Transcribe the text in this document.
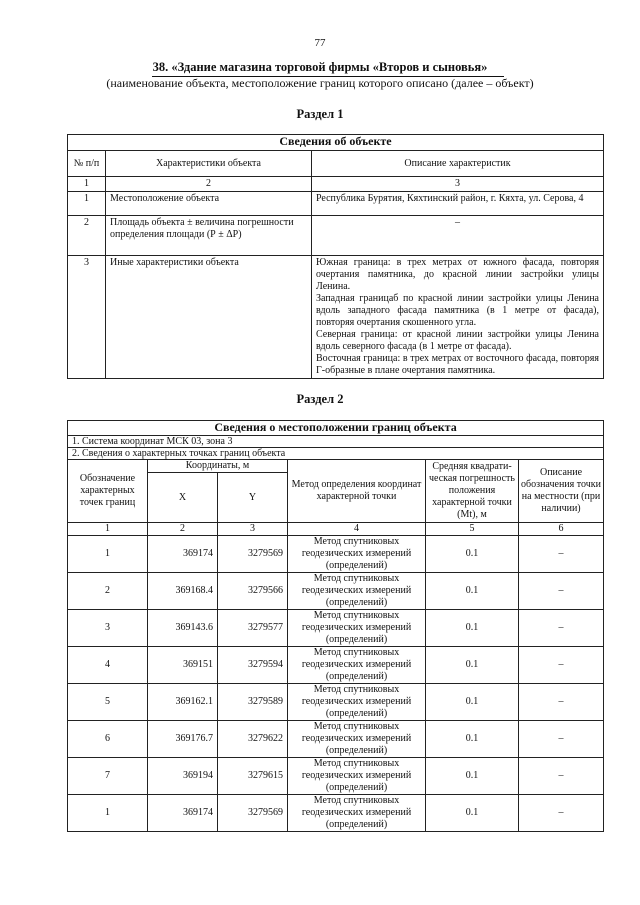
77
38. «Здание магазина торговой фирмы «Второв и сыновья»
(наименование объекта, местоположение границ которого описано (далее – объект)
Раздел 1
Сведения об объекте		
№ п/п	Характеристики объекта	Описание характеристик
1	2	3
1	Местоположение объекта	Республика Бурятия, Кяхтинский район, г. Кяхта, ул. Серова, 4
2	Площадь объекта ± величина погрешности определения площади (Р ± ΔР)	–
3	Иные характеристики объекта	Южная граница: в трех метрах от южного фасада, повторяя очертания памятника, до красной линии застройки улицы Ленина.
Западная границаб по красной линии застройки улицы Ленина вдоль западного фасада памятника (в 1 метре от фасада), повторяя очертания скошенного угла.
Северная граница: от красной линии застройки улицы Ленина вдоль северного фасада (в 1 метре от фасада).
Восточная граница: в трех метрах от восточного фасада, повторяя Г-образные в плане очертания памятника.
Раздел 2
Сведения о местоположении границ объекта					
1. Система координат МСК 03, зона 3					
2. Сведения о характерных точках границ объекта					
Обозначение характерных точек границ	Координаты, м		Метод определения координат характерной точки	Средняя квадрати-ческая погрешность положения характерной точки (Mt), м	Описание обозначения точки на местности (при наличии)
	X	Y			
1	2	3	4	5	6
1	369174	3279569	Метод спутниковых геодезических измерений (определений)	0.1	–
2	369168.4	3279566	Метод спутниковых геодезических измерений (определений)	0.1	–
3	369143.6	3279577	Метод спутниковых геодезических измерений (определений)	0.1	–
4	369151	3279594	Метод спутниковых геодезических измерений (определений)	0.1	–
5	369162.1	3279589	Метод спутниковых геодезических измерений (определений)	0.1	–
6	369176.7	3279622	Метод спутниковых геодезических измерений (определений)	0.1	–
7	369194	3279615	Метод спутниковых геодезических измерений (определений)	0.1	–
1	369174	3279569	Метод спутниковых геодезических измерений (определений)	0.1	–
